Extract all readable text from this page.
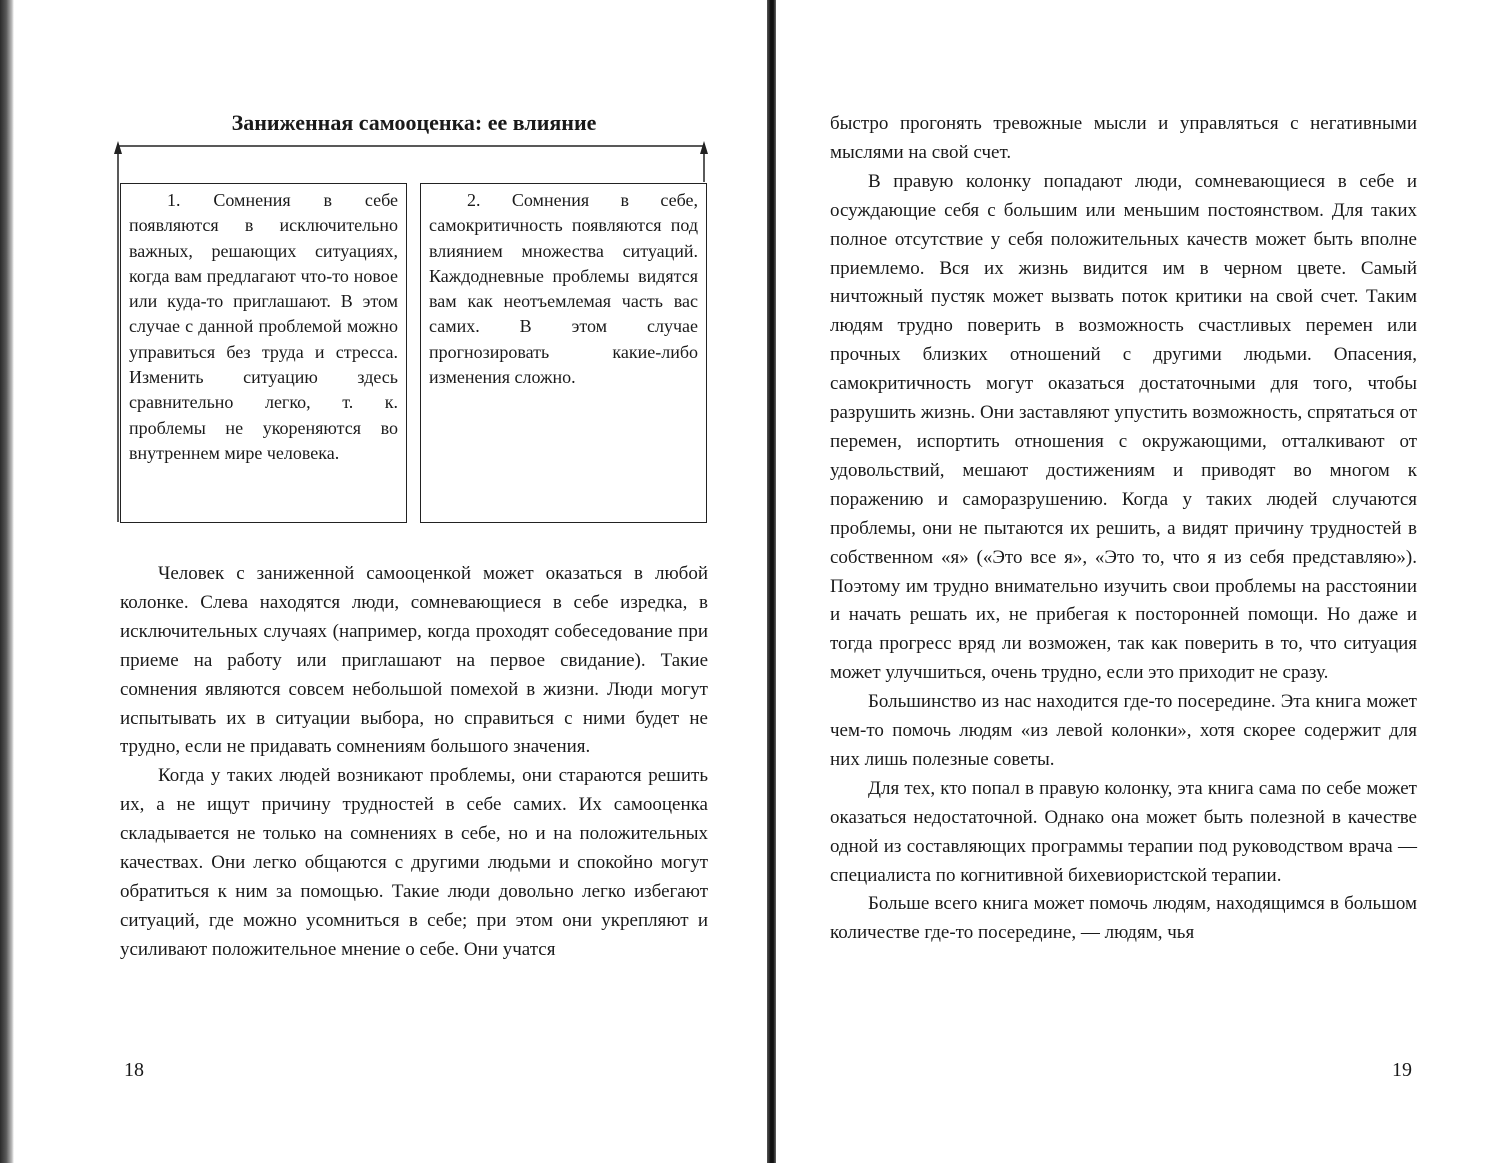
Заниженная самооценка: ее влияние
1. Сомнения в себе появляются в исключительно важных, решающих ситуациях, когда вам предлагают что-то новое или куда-то приглашают. В этом случае с данной проблемой можно управиться без труда и стресса. Изменить ситуацию здесь сравнительно легко, т. к. проблемы не укореняются во внутреннем мире человека.
2. Сомнения в себе, самокритичность появляются под влиянием множества ситуаций. Каждодневные проблемы видятся вам как неотъемлемая часть вас самих. В этом случае прогнозировать какие-либо изменения сложно.

Человек с заниженной самооценкой может оказаться в любой колонке. Слева находятся люди, сомневающиеся в себе изредка, в исключительных случаях (например, когда проходят собеседование при приеме на работу или приглашают на первое свидание). Такие сомнения являются совсем небольшой помехой в жизни. Люди могут испытывать их в ситуации выбора, но справиться с ними будет не трудно, если не придавать сомнениям большого значения.

Когда у таких людей возникают проблемы, они стараются решить их, а не ищут причину трудностей в себе самих. Их самооценка складывается не только на сомнениях в себе, но и на положительных качествах. Они легко общаются с другими людьми и спокойно могут обратиться к ним за помощью. Такие люди довольно легко избегают ситуаций, где можно усомниться в себе; при этом они укрепляют и усиливают положительное мнение о себе. Они учатся

18

быстро прогонять тревожные мысли и управляться с негативными мыслями на свой счет.

В правую колонку попадают люди, сомневающиеся в себе и осуждающие себя с большим или меньшим постоянством. Для таких полное отсутствие у себя положительных качеств может быть вполне приемлемо. Вся их жизнь видится им в черном цвете. Самый ничтожный пустяк может вызвать поток критики на свой счет. Таким людям трудно поверить в возможность счастливых перемен или прочных близких отношений с другими людьми. Опасения, самокритичность могут оказаться достаточными для того, чтобы разрушить жизнь. Они заставляют упустить возможность, спрятаться от перемен, испортить отношения с окружающими, отталкивают от удовольствий, мешают достижениям и приводят во многом к поражению и саморазрушению. Когда у таких людей случаются проблемы, они не пытаются их решить, а видят причину трудностей в собственном «я» («Это все я», «Это то, что я из себя представляю»). Поэтому им трудно внимательно изучить свои проблемы на расстоянии и начать решать их, не прибегая к посторонней помощи. Но даже и тогда прогресс вряд ли возможен, так как поверить в то, что ситуация может улучшиться, очень трудно, если это приходит не сразу.

Большинство из нас находится где-то посередине. Эта книга может чем-то помочь людям «из левой колонки», хотя скорее содержит для них лишь полезные советы.

Для тех, кто попал в правую колонку, эта книга сама по себе может оказаться недостаточной. Однако она может быть полезной в качестве одной из составляющих программы терапии под руководством врача — специалиста по когнитивной бихевиористской терапии.

Больше всего книга может помочь людям, находящимся в большом количестве где-то посередине, — людям, чья

19
